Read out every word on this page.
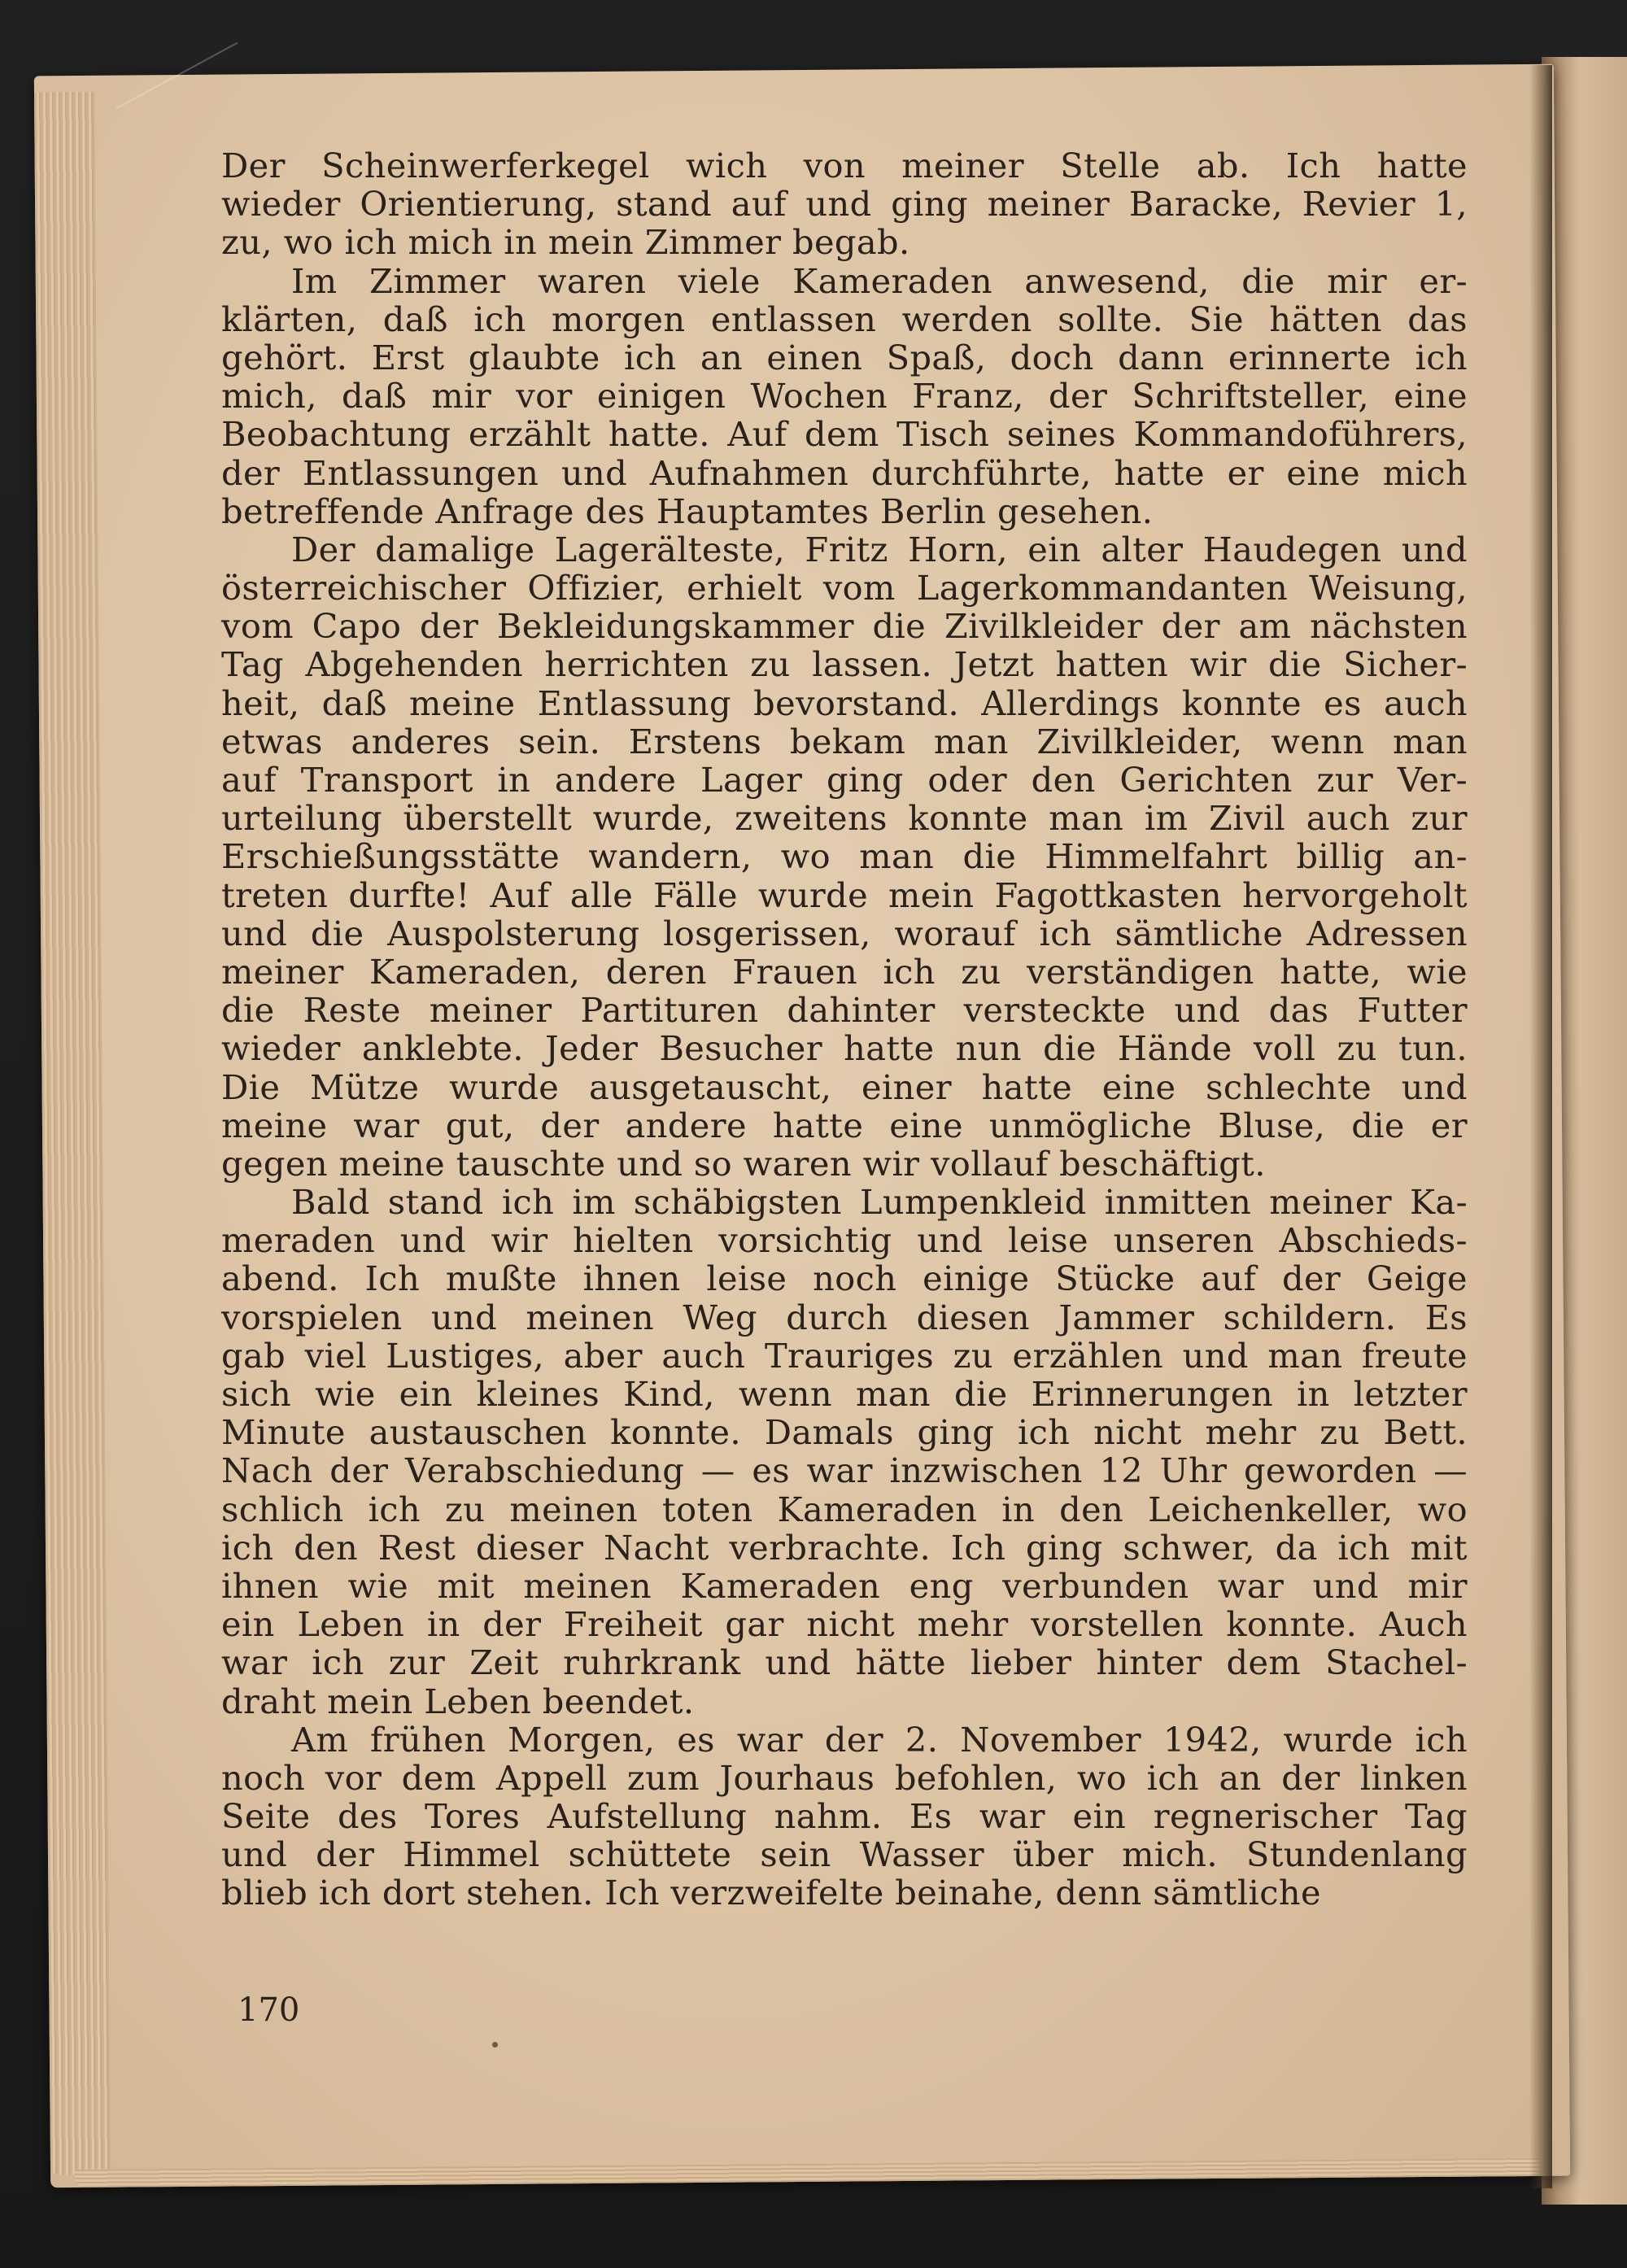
Der Scheinwerferkegel wich von meiner Stelle ab. Ich hatte
wieder Orientierung, stand auf und ging meiner Baracke, Revier 1,
zu, wo ich mich in mein Zimmer begab.
Im Zimmer waren viele Kameraden anwesend, die mir er-
klärten, daß ich morgen entlassen werden sollte. Sie hätten das
gehört. Erst glaubte ich an einen Spaß, doch dann erinnerte ich
mich, daß mir vor einigen Wochen Franz, der Schriftsteller, eine
Beobachtung erzählt hatte. Auf dem Tisch seines Kommandoführers,
der Entlassungen und Aufnahmen durchführte, hatte er eine mich
betreffende Anfrage des Hauptamtes Berlin gesehen.
Der damalige Lagerälteste, Fritz Horn, ein alter Haudegen und
österreichischer Offizier, erhielt vom Lagerkommandanten Weisung,
vom Capo der Bekleidungskammer die Zivilkleider der am nächsten
Tag Abgehenden herrichten zu lassen. Jetzt hatten wir die Sicher-
heit, daß meine Entlassung bevorstand. Allerdings konnte es auch
etwas anderes sein. Erstens bekam man Zivilkleider, wenn man
auf Transport in andere Lager ging oder den Gerichten zur Ver-
urteilung überstellt wurde, zweitens konnte man im Zivil auch zur
Erschießungsstätte wandern, wo man die Himmelfahrt billig an-
treten durfte! Auf alle Fälle wurde mein Fagottkasten hervorgeholt
und die Auspolsterung losgerissen, worauf ich sämtliche Adressen
meiner Kameraden, deren Frauen ich zu verständigen hatte, wie
die Reste meiner Partituren dahinter versteckte und das Futter
wieder anklebte. Jeder Besucher hatte nun die Hände voll zu tun.
Die Mütze wurde ausgetauscht, einer hatte eine schlechte und
meine war gut, der andere hatte eine unmögliche Bluse, die er
gegen meine tauschte und so waren wir vollauf beschäftigt.
Bald stand ich im schäbigsten Lumpenkleid inmitten meiner Ka-
meraden und wir hielten vorsichtig und leise unseren Abschieds-
abend. Ich mußte ihnen leise noch einige Stücke auf der Geige
vorspielen und meinen Weg durch diesen Jammer schildern. Es
gab viel Lustiges, aber auch Trauriges zu erzählen und man freute
sich wie ein kleines Kind, wenn man die Erinnerungen in letzter
Minute austauschen konnte. Damals ging ich nicht mehr zu Bett.
Nach der Verabschiedung — es war inzwischen 12 Uhr geworden —
schlich ich zu meinen toten Kameraden in den Leichenkeller, wo
ich den Rest dieser Nacht verbrachte. Ich ging schwer, da ich mit
ihnen wie mit meinen Kameraden eng verbunden war und mir
ein Leben in der Freiheit gar nicht mehr vorstellen konnte. Auch
war ich zur Zeit ruhrkrank und hätte lieber hinter dem Stachel-
draht mein Leben beendet.
Am frühen Morgen, es war der 2. November 1942, wurde ich
noch vor dem Appell zum Jourhaus befohlen, wo ich an der linken
Seite des Tores Aufstellung nahm. Es war ein regnerischer Tag
und der Himmel schüttete sein Wasser über mich. Stundenlang
blieb ich dort stehen. Ich verzweifelte beinahe, denn sämtliche
170
